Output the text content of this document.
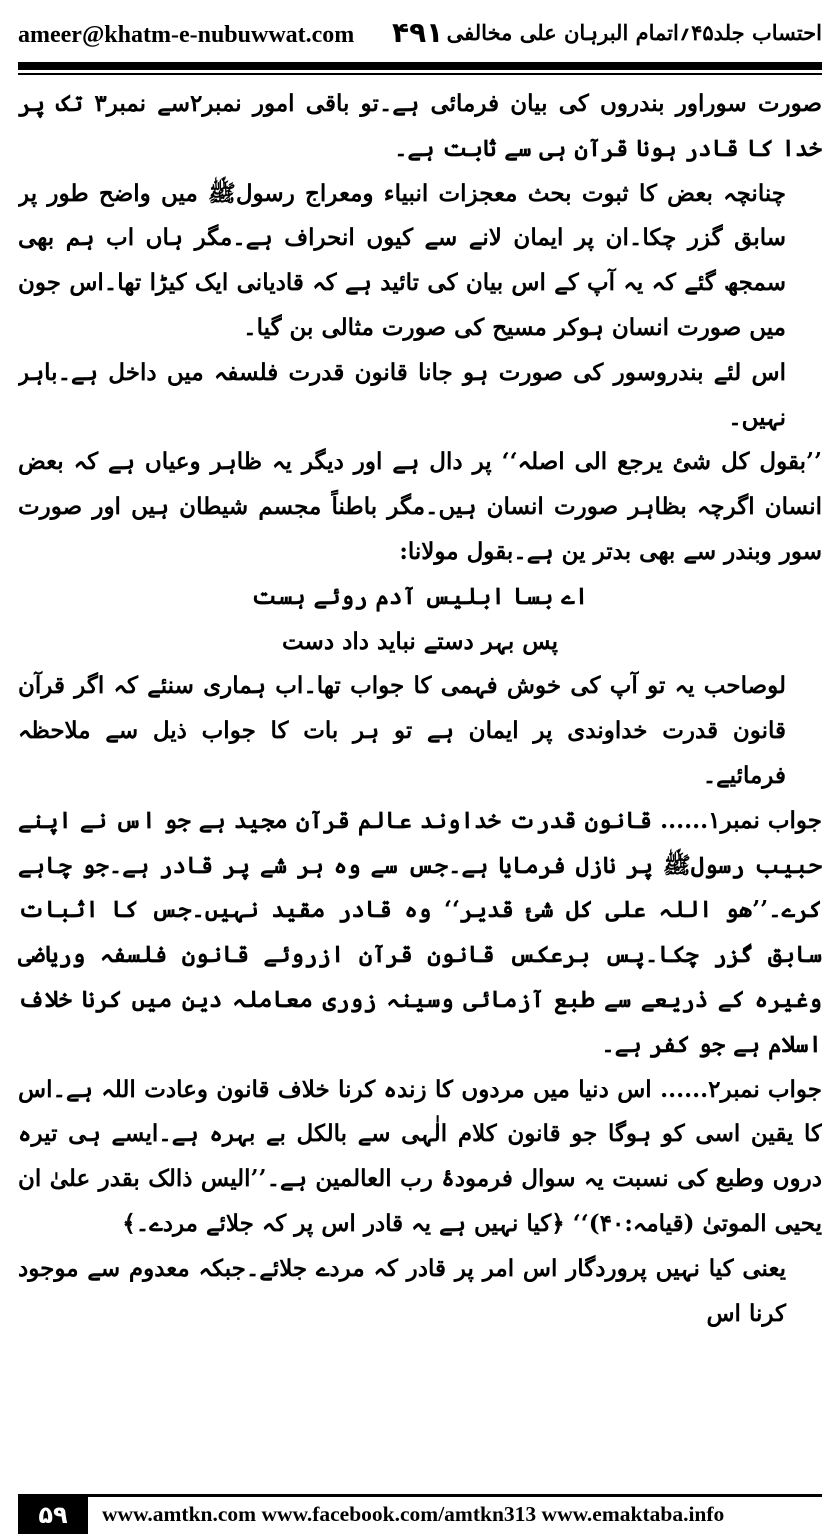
ameer@khatm-e-nubuwwat.com ۴۹۱ احتساب جلد۴۵؍اتمام البرہان علی مخالفی

صورت سوراور بندروں کی بیان فرمائی ہے۔تو باقی امور نمبر۲سے نمبر۳ تک پر خدا کا قادر ہونا قرآن ہی سے ثابت ہے۔

چنانچہ بعض کا ثبوت بحث معجزات انبیاء ومعراج رسولﷺ میں واضح طور پر سابق گزر چکا۔ان پر ایمان لانے سے کیوں انحراف ہے۔مگر ہاں اب ہم بھی سمجھ گئے کہ یہ آپ کے اس بیان کی تائید ہے کہ قادیانی ایک کیڑا تھا۔اس جون میں صورت انسان ہوکر مسیح کی صورت مثالی بن گیا۔

اس لئے بندروسور کی صورت ہو جانا قانون قدرت فلسفہ میں داخل ہے۔باہر نہیں۔

’’بقول کل شئ یرجع الی اصلہ‘‘ پر دال ہے اور دیگر یہ ظاہر وعیاں ہے کہ بعض انسان اگرچہ بظاہر صورت انسان ہیں۔مگر باطناً مجسم شیطان ہیں اور صورت سور وبندر سے بھی بدتر ین ہے۔بقول مولانا:

اے بسا ابلیس آدم روئے ہست
پس بہر دستے نباید داد دست

لوصاحب یہ تو آپ کی خوش فہمی کا جواب تھا۔اب ہماری سنئے کہ اگر قرآن قانون قدرت خداوندی پر ایمان ہے تو ہر بات کا جواب ذیل سے ملاحظہ فرمائیے۔

جواب نمبر۱...... قانون قدرت خداوند عالم قرآن مجید ہے جو اس نے اپنے حبیب رسولﷺ پر نازل فرمایا ہے۔جس سے وہ ہر شے پر قادر ہے۔جو چاہے کرے۔’’ھو اللہ علی کل شئ قدیر‘‘ وہ قادر مقید نہیں۔جس کا اثبات سابق گزر چکا۔پس برعکس قانون قرآن ازروئے قانون فلسفہ وریاضی وغیرہ کے ذریعے سے طبع آزمائی وسینہ زوری معاملہ دین میں کرنا خلاف اسلام ہے جو کفر ہے۔

جواب نمبر۲...... اس دنیا میں مردوں کا زندہ کرنا خلاف قانون وعادت اللہ ہے۔اس کا یقین اسی کو ہوگا جو قانون کلام الٰہی سے بالکل بے بہرہ ہے۔ایسے ہی تیرہ دروں وطبع کی نسبت یہ سوال فرمودۂ رب العالمین ہے۔’’الیس ذالک بقدر علیٰ ان یحیی الموتیٰ (قیامہ:۴۰)‘‘ ﴿کیا نہیں ہے یہ قادر اس پر کہ جلائے مردے۔﴾

یعنی کیا نہیں پروردگار اس امر پر قادر کہ مردے جلائے۔جبکہ معدوم سے موجود کرنا اس

۵۹	www.amtkn.com www.facebook.com/amtkn313 www.emaktaba.info
